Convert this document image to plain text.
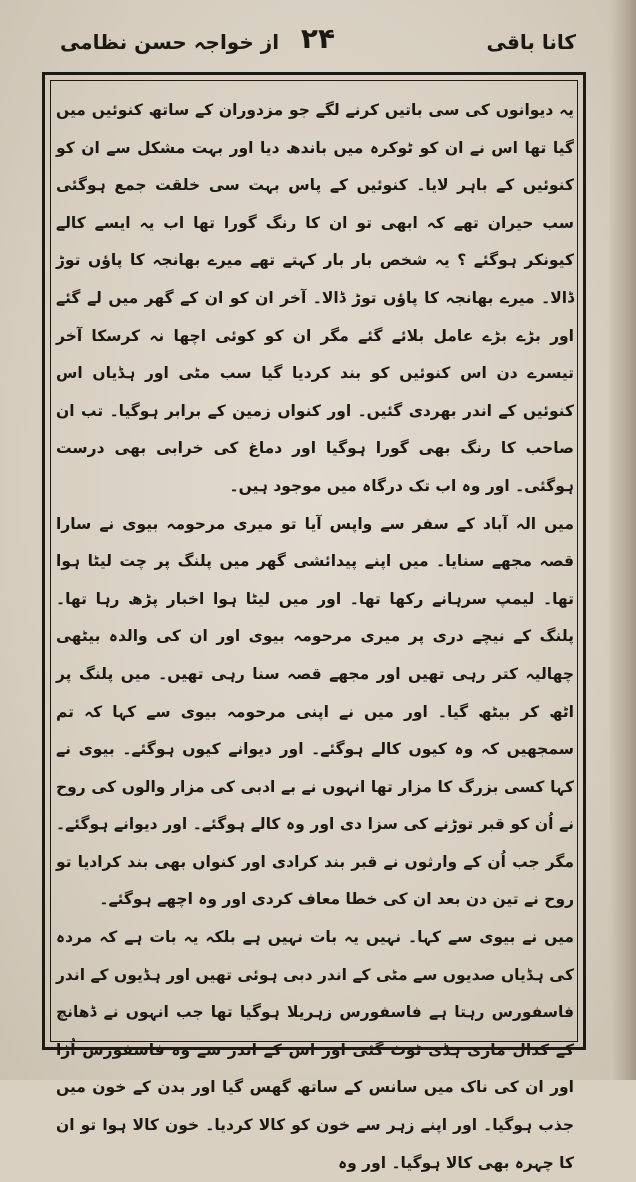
کانا باقی
۲۴
از خواجہ حسن نظامی

یہ دیوانوں کی سی باتیں کرنے لگے جو مزدوران کے ساتھ کنوئیں میں گیا تھا اس نے ان کو ٹوکرہ میں باندھ دیا اور بہت مشکل سے ان کو کنوئیں کے باہر لایا۔ کنوئیں کے پاس بہت سی خلقت جمع ہوگئی سب حیران تھے کہ ابھی تو ان کا رنگ گورا تھا اب یہ ایسے کالے کیونکر ہوگئے ؟ یہ شخص بار بار کہتے تھے میرے بھانجہ کا پاؤں توڑ ڈالا۔ میرے بھانجہ کا پاؤں توڑ ڈالا۔ آخر ان کو ان کے گھر میں لے گئے اور بڑے بڑے عامل بلائے گئے مگر ان کو کوئی اچھا نہ کرسکا آخر تیسرے دن اس کنوئیں کو بند کردیا گیا سب مٹی اور ہڈیاں اس کنوئیں کے اندر بھردی گئیں۔ اور کنواں زمین کے برابر ہوگیا۔ تب ان صاحب کا رنگ بھی گورا ہوگیا اور دماغ کی خرابی بھی درست ہوگئی۔ اور وہ اب تک درگاہ میں موجود ہیں۔

میں الہ آباد کے سفر سے واپس آیا تو میری مرحومہ بیوی نے سارا قصہ مجھے سنایا۔ میں اپنے پیدائشی گھر میں پلنگ پر چت لیٹا ہوا تھا۔ لیمپ سرہانے رکھا تھا۔ اور میں لیٹا ہوا اخبار پڑھ رہا تھا۔ پلنگ کے نیچے دری پر میری مرحومہ بیوی اور ان کی والدہ بیٹھی چھالیہ کتر رہی تھیں اور مجھے قصہ سنا رہی تھیں۔ میں پلنگ پر اٹھ کر بیٹھ گیا۔ اور میں نے اپنی مرحومہ بیوی سے کہا کہ تم سمجھیں کہ وہ کیوں کالے ہوگئے۔ اور دیوانے کیوں ہوگئے۔ بیوی نے کہا کسی بزرگ کا مزار تھا انہوں نے بے ادبی کی مزار والوں کی روح نے اُن کو قبر توڑنے کی سزا دی اور وہ کالے ہوگئے۔ اور دیوانے ہوگئے۔ مگر جب اُن کے وارثوں نے قبر بند کرادی اور کنواں بھی بند کرادیا تو روح نے تین دن بعد ان کی خطا معاف کردی اور وہ اچھے ہوگئے۔

میں نے بیوی سے کہا۔ نہیں یہ بات نہیں ہے بلکہ یہ بات ہے کہ مردہ کی ہڈیاں صدیوں سے مٹی کے اندر دبی ہوئی تھیں اور ہڈیوں کے اندر فاسفورس رہتا ہے فاسفورس زہریلا ہوگیا تھا جب انہوں نے ڈھانچ کے کدال ماری ہڈی ٹوٹ گئی اور اس کے اندر سے وہ فاسفورس اُڑا اور ان کی ناک میں سانس کے ساتھ گھس گیا اور بدن کے خون میں جذب ہوگیا۔ اور اپنے زہر سے خون کو کالا کردیا۔ خون کالا ہوا تو ان کا چہرہ بھی کالا ہوگیا۔ اور وہ
